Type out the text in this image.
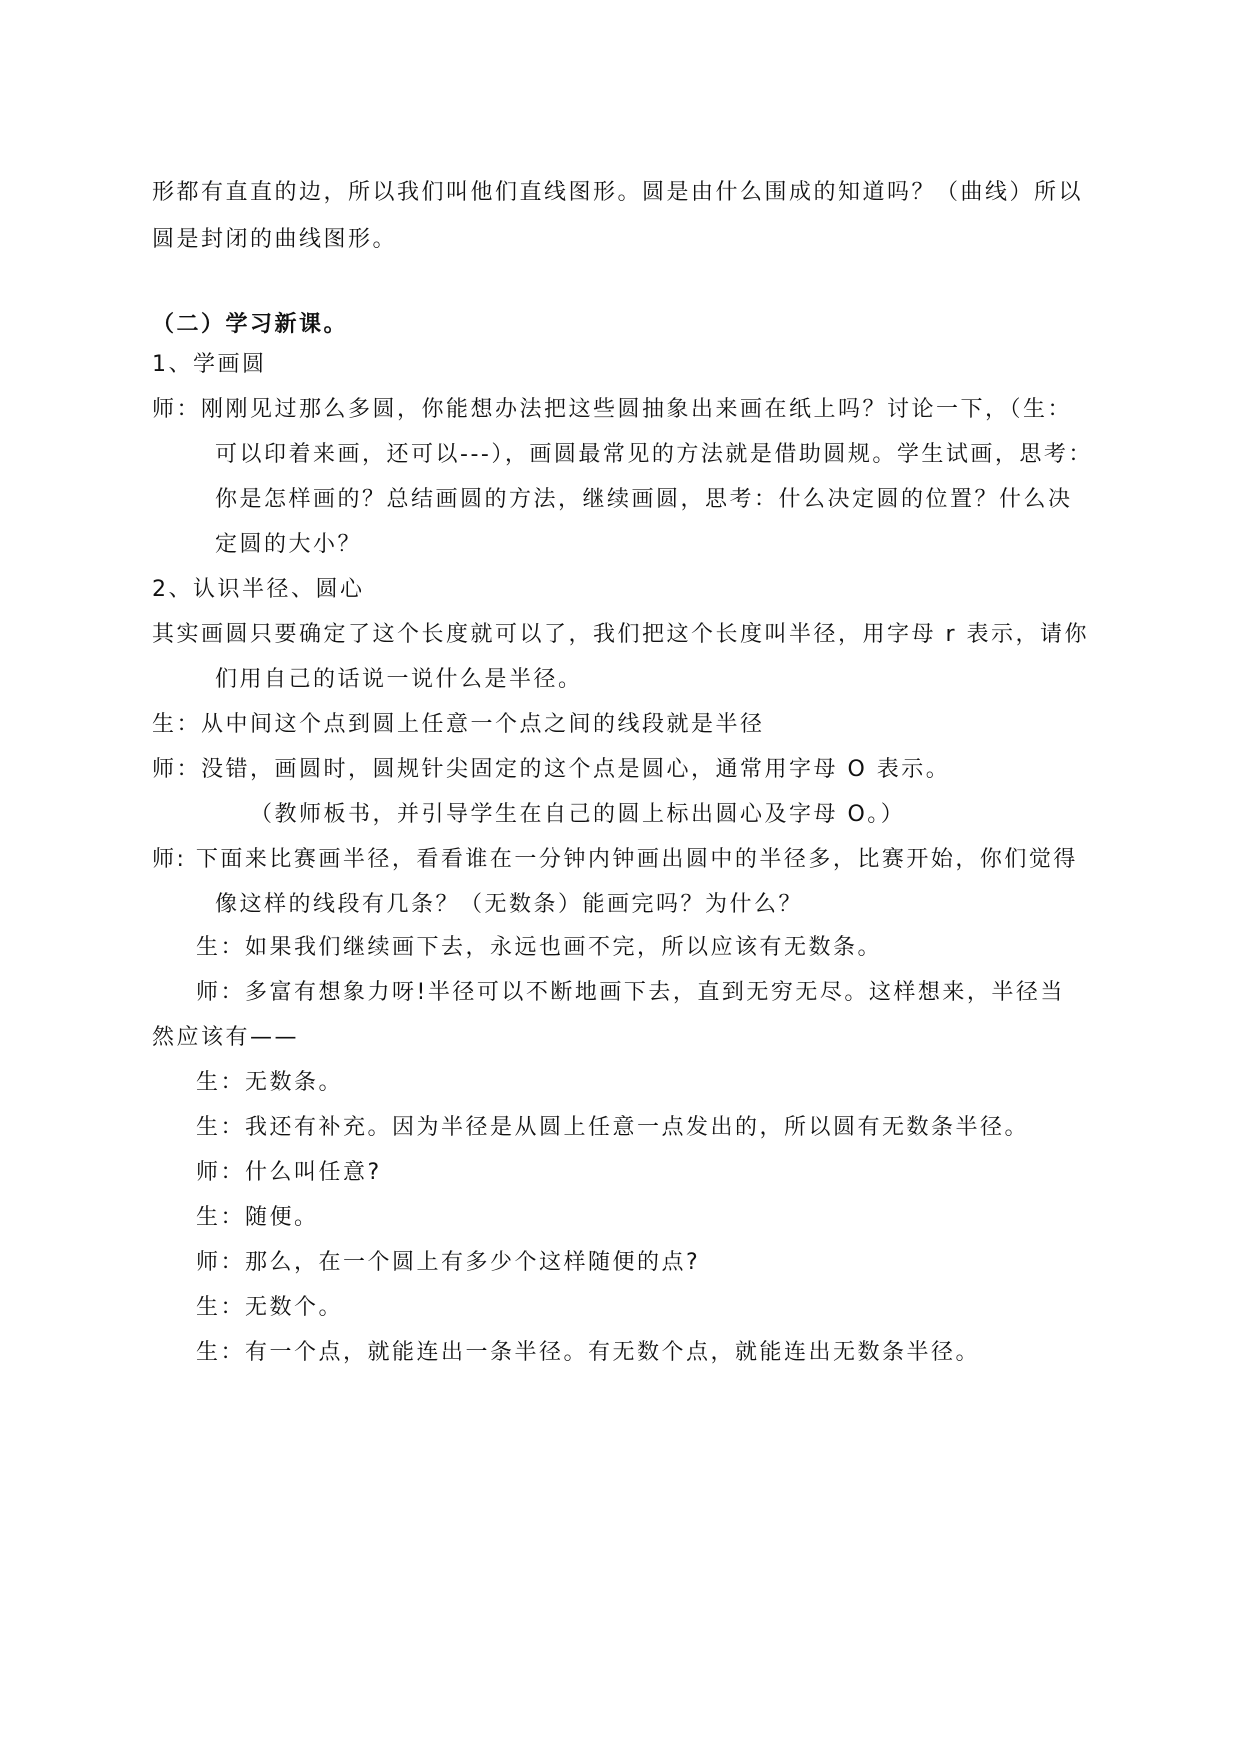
形都有直直的边，所以我们叫他们直线图形。圆是由什么围成的知道吗？（曲线）所以
圆是封闭的曲线图形。
（二）学习新课。
1、学画圆
师：刚刚见过那么多圆，你能想办法把这些圆抽象出来画在纸上吗？讨论一下，（生：
可以印着来画，还可以---），画圆最常见的方法就是借助圆规。学生试画，思考：
你是怎样画的？总结画圆的方法，继续画圆，思考：什么决定圆的位置？什么决
定圆的大小？
2、认识半径、圆心
其实画圆只要确定了这个长度就可以了，我们把这个长度叫半径，用字母 r 表示，请你
们用自己的话说一说什么是半径。
生：从中间这个点到圆上任意一个点之间的线段就是半径
师：没错，画圆时，圆规针尖固定的这个点是圆心，通常用字母 O 表示。
（教师板书，并引导学生在自己的圆上标出圆心及字母 O。）
师: 下面来比赛画半径，看看谁在一分钟内钟画出圆中的半径多，比赛开始，你们觉得
像这样的线段有几条？（无数条）能画完吗？为什么？
生：如果我们继续画下去，永远也画不完，所以应该有无数条。
师：多富有想象力呀!半径可以不断地画下去，直到无穷无尽。这样想来，半径当
然应该有——
生：无数条。
生：我还有补充。因为半径是从圆上任意一点发出的，所以圆有无数条半径。
师：什么叫任意?
生：随便。
师：那么，在一个圆上有多少个这样随便的点?
生：无数个。
生：有一个点，就能连出一条半径。有无数个点，就能连出无数条半径。
